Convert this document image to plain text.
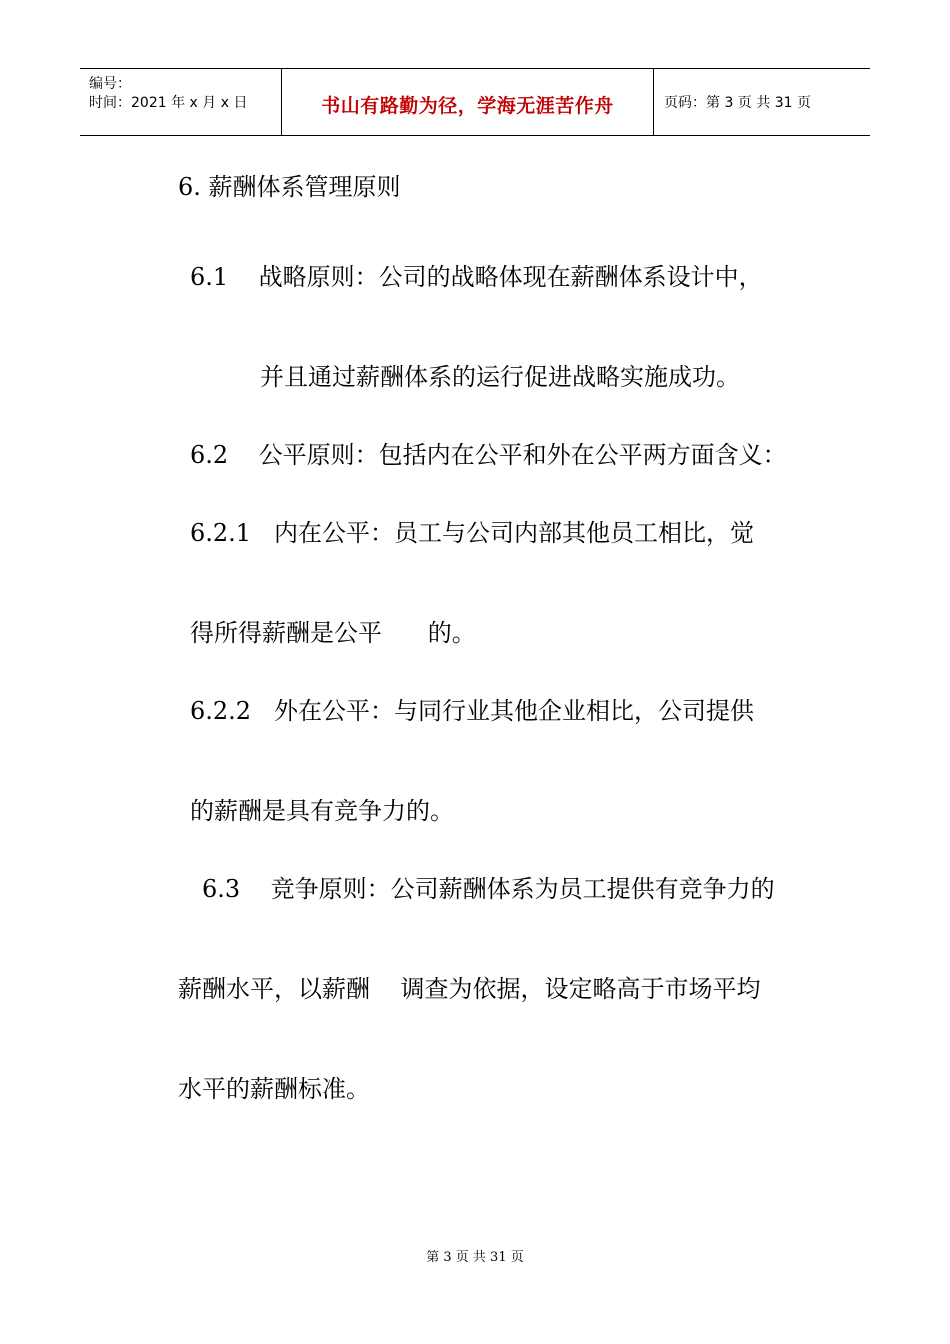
编号：
时间：2021 年 x 月 x 日	书山有路勤为径，学海无涯苦作舟	页码：第 3 页 共 31 页

6. 薪酬体系管理原则

6.1    战略原则：公司的战略体现在薪酬体系设计中，

并且通过薪酬体系的运行促进战略实施成功。

6.2    公平原则：包括内在公平和外在公平两方面含义：

6.2.1   内在公平：员工与公司内部其他员工相比，觉

得所得薪酬是公平      的。

6.2.2   外在公平：与同行业其他企业相比，公司提供

的薪酬是具有竞争力的。

6.3    竞争原则：公司薪酬体系为员工提供有竞争力的

薪酬水平，以薪酬    调查为依据，设定略高于市场平均

水平的薪酬标准。

第 3 页 共 31 页
